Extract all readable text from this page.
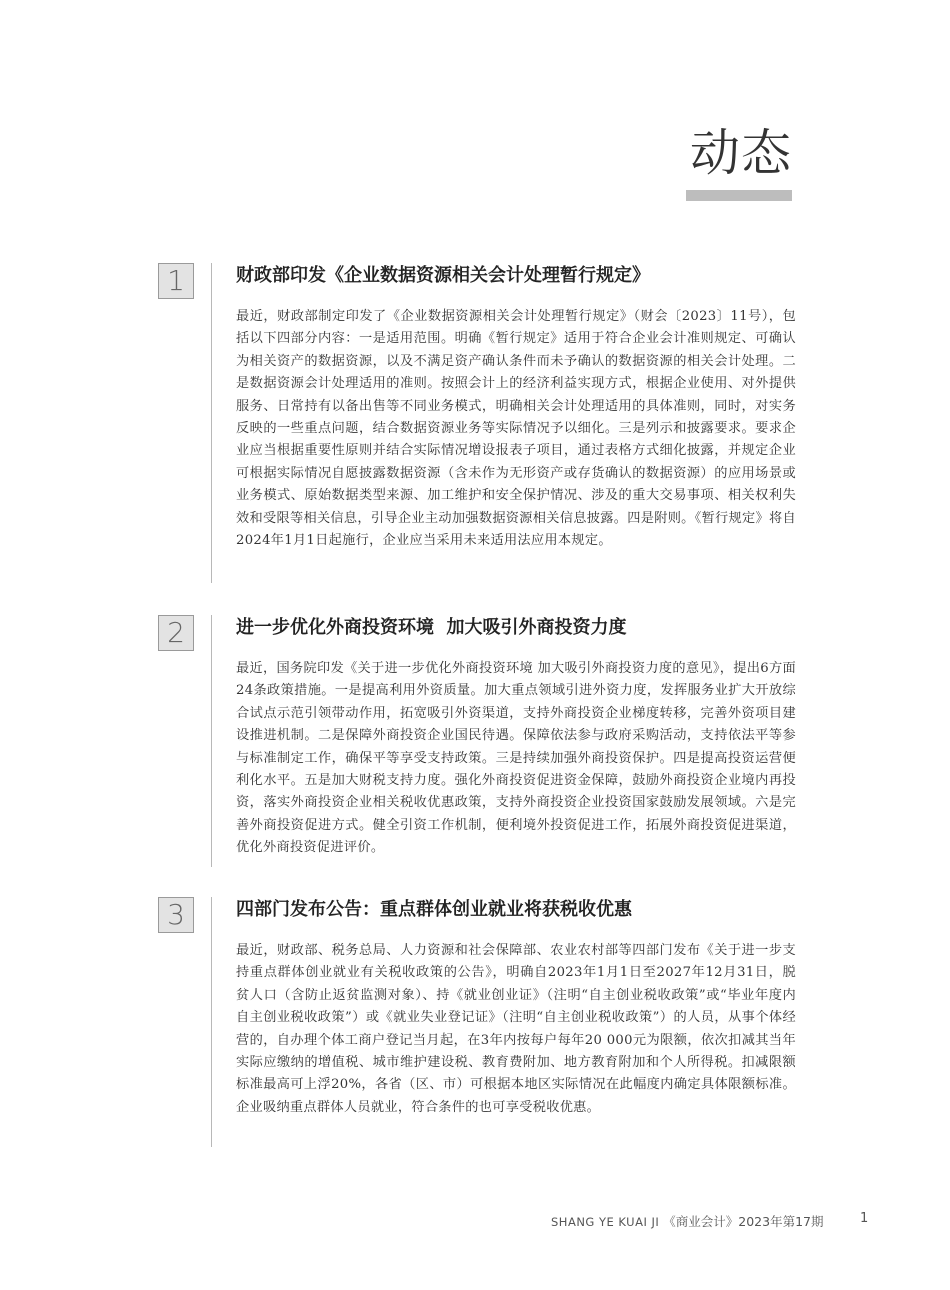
动态
1	财政部印发《企业数据资源相关会计处理暂行规定》
最近，财政部制定印发了《企业数据资源相关会计处理暂行规定》（财会〔2023〕11号），包括以下四部分内容：一是适用范围。明确《暂行规定》适用于符合企业会计准则规定、可确认为相关资产的数据资源，以及不满足资产确认条件而未予确认的数据资源的相关会计处理。二是数据资源会计处理适用的准则。按照会计上的经济利益实现方式，根据企业使用、对外提供服务、日常持有以备出售等不同业务模式，明确相关会计处理适用的具体准则，同时，对实务反映的一些重点问题，结合数据资源业务等实际情况予以细化。三是列示和披露要求。要求企业应当根据重要性原则并结合实际情况增设报表子项目，通过表格方式细化披露，并规定企业可根据实际情况自愿披露数据资源（含未作为无形资产或存货确认的数据资源）的应用场景或业务模式、原始数据类型来源、加工维护和安全保护情况、涉及的重大交易事项、相关权利失效和受限等相关信息，引导企业主动加强数据资源相关信息披露。四是附则。《暂行规定》将自2024年1月1日起施行，企业应当采用未来适用法应用本规定。
2	进一步优化外商投资环境  加大吸引外商投资力度
最近，国务院印发《关于进一步优化外商投资环境 加大吸引外商投资力度的意见》，提出6方面24条政策措施。一是提高利用外资质量。加大重点领域引进外资力度，发挥服务业扩大开放综合试点示范引领带动作用，拓宽吸引外资渠道，支持外商投资企业梯度转移，完善外资项目建设推进机制。二是保障外商投资企业国民待遇。保障依法参与政府采购活动，支持依法平等参与标准制定工作，确保平等享受支持政策。三是持续加强外商投资保护。四是提高投资运营便利化水平。五是加大财税支持力度。强化外商投资促进资金保障，鼓励外商投资企业境内再投资，落实外商投资企业相关税收优惠政策，支持外商投资企业投资国家鼓励发展领域。六是完善外商投资促进方式。健全引资工作机制，便利境外投资促进工作，拓展外商投资促进渠道，优化外商投资促进评价。
3	四部门发布公告：重点群体创业就业将获税收优惠
最近，财政部、税务总局、人力资源和社会保障部、农业农村部等四部门发布《关于进一步支持重点群体创业就业有关税收政策的公告》，明确自2023年1月1日至2027年12月31日，脱贫人口（含防止返贫监测对象）、持《就业创业证》（注明“自主创业税收政策”或“毕业年度内自主创业税收政策”）或《就业失业登记证》（注明“自主创业税收政策”）的人员，从事个体经营的，自办理个体工商户登记当月起，在3年内按每户每年20 000元为限额，依次扣减其当年实际应缴纳的增值税、城市维护建设税、教育费附加、地方教育附加和个人所得税。扣减限额标准最高可上浮20%，各省（区、市）可根据本地区实际情况在此幅度内确定具体限额标准。企业吸纳重点群体人员就业，符合条件的也可享受税收优惠。
SHANG YE KUAI JI 《商业会计》2023年第17期	1
